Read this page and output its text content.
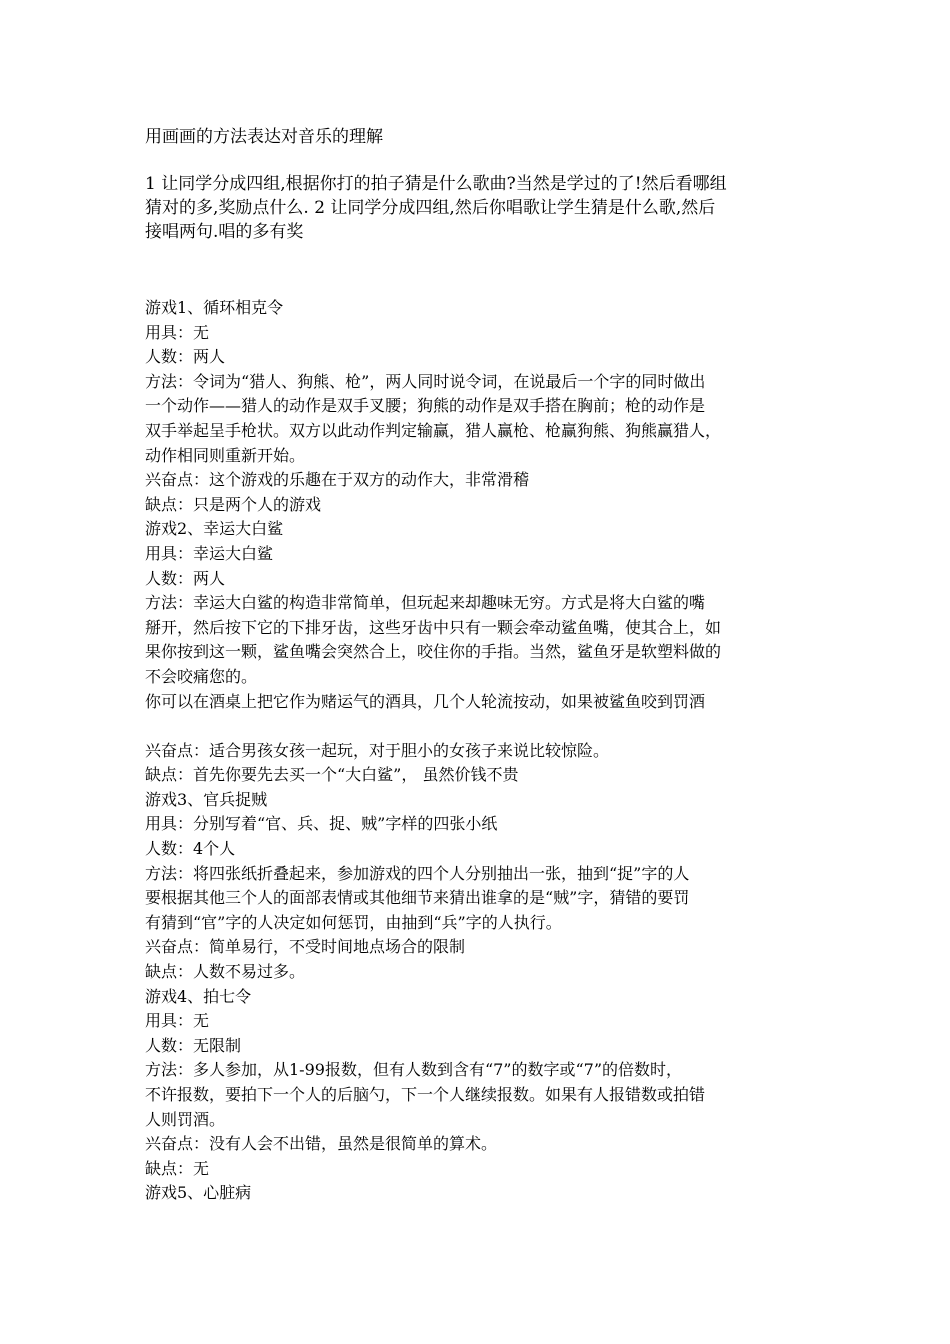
用画画的方法表达对音乐的理解
1 让同学分成四组,根据你打的拍子猜是什么歌曲?当然是学过的了!然后看哪组
猜对的多,奖励点什么. 2 让同学分成四组,然后你唱歌让学生猜是什么歌,然后
接唱两句.唱的多有奖
游戏1、循环相克令
用具：无
人数：两人
方法：令词为“猎人、狗熊、枪”，两人同时说令词，在说最后一个字的同时做出
一个动作——猎人的动作是双手叉腰；狗熊的动作是双手搭在胸前；枪的动作是
双手举起呈手枪状。双方以此动作判定输赢，猎人赢枪、枪赢狗熊、狗熊赢猎人，
动作相同则重新开始。
兴奋点：这个游戏的乐趣在于双方的动作大，非常滑稽
缺点：只是两个人的游戏
游戏2、幸运大白鲨
用具：幸运大白鲨
人数：两人
方法：幸运大白鲨的构造非常简单，但玩起来却趣味无穷。方式是将大白鲨的嘴
掰开，然后按下它的下排牙齿，这些牙齿中只有一颗会牵动鲨鱼嘴，使其合上，如
果你按到这一颗，鲨鱼嘴会突然合上，咬住你的手指。当然，鲨鱼牙是软塑料做的
不会咬痛您的。
你可以在酒桌上把它作为赌运气的酒具，几个人轮流按动，如果被鲨鱼咬到罚酒
兴奋点：适合男孩女孩一起玩，对于胆小的女孩子来说比较惊险。
缺点：首先你要先去买一个“大白鲨”， 虽然价钱不贵
游戏3、官兵捉贼
用具：分别写着“官、兵、捉、贼”字样的四张小纸
人数：4个人
方法：将四张纸折叠起来，参加游戏的四个人分别抽出一张，抽到“捉”字的人
要根据其他三个人的面部表情或其他细节来猜出谁拿的是“贼”字，猜错的要罚
有猜到“官”字的人决定如何惩罚，由抽到“兵”字的人执行。
兴奋点：简单易行，不受时间地点场合的限制
缺点：人数不易过多。
游戏4、拍七令
用具：无
人数：无限制
方法：多人参加，从1-99报数，但有人数到含有“7”的数字或“7”的倍数时，
不许报数，要拍下一个人的后脑勺，下一个人继续报数。如果有人报错数或拍错
人则罚酒。
兴奋点：没有人会不出错，虽然是很简单的算术。
缺点：无
游戏5、心脏病
